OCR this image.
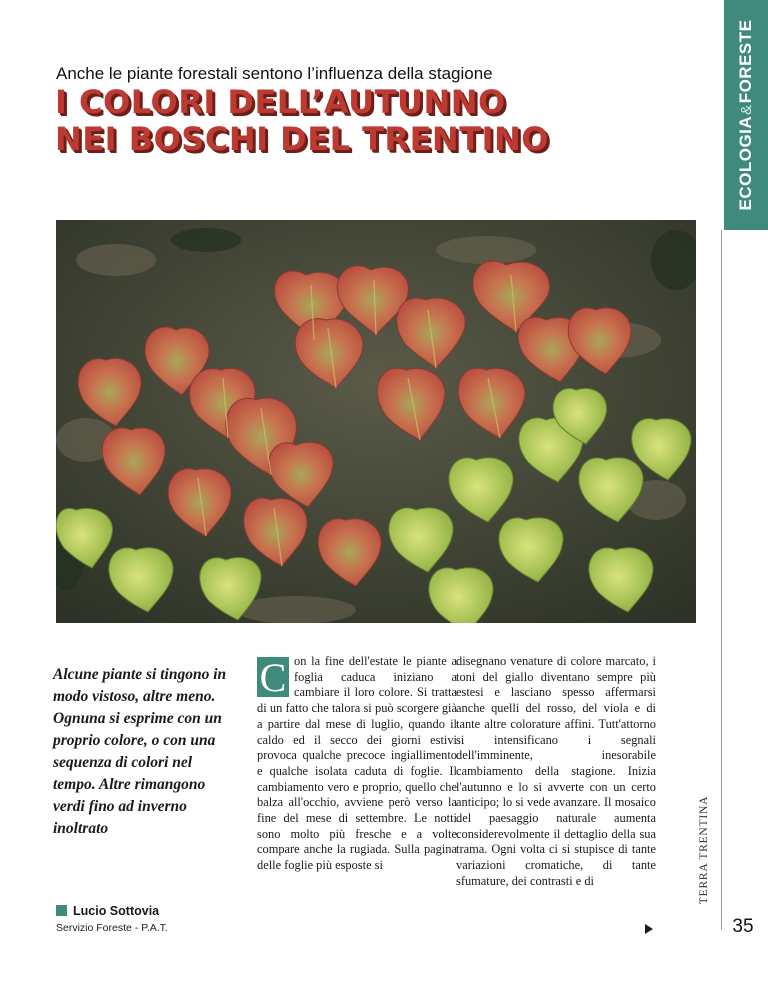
ECOLOGIA&FORESTE
TERRA TRENTINA
35
Anche le piante forestali sentono l’influenza della stagione
I COLORI DELL’AUTUNNO
NEI BOSCHI DEL TRENTINO
Alcune piante si tingono in modo vistoso, altre meno. Ognuna si esprime con un proprio colore, o con una sequenza di colori nel tempo. Altre rimangono verdi fino ad inverno inoltrato
Lucio Sottovia
Servizio Foreste - P.A.T.
C on la fine dell'estate le piante a foglia caduca iniziano a cambiare il loro colore. Si tratta di un fatto che talora si può scorgere già a partire dal mese di luglio, quando il caldo ed il secco dei giorni estivi provoca qualche precoce ingiallimento e qualche isolata caduta di foglie. Il cambiamento vero e proprio, quello che balza all'occhio, avviene però verso la fine del mese di settembre. Le notti sono molto più fresche e a volte compare anche la rugiada. Sulla pagina delle foglie più esposte si

disegnano venature di colore marcato, i toni del giallo diventano sempre più estesi e lasciano spesso affermarsi anche quelli del rosso, del viola e di tante altre colorature affini. Tutt'attorno si intensificano i segnali dell'imminente, inesorabile cambiamento della stagione. Inizia l'autunno e lo si avverte con un certo anticipo; lo si vede avanzare. Il mosaico del paesaggio naturale aumenta considerevolmente il dettaglio della sua trama. Ogni volta ci si stupisce di tante variazioni cromatiche, di tante sfumature, dei contrasti e di
